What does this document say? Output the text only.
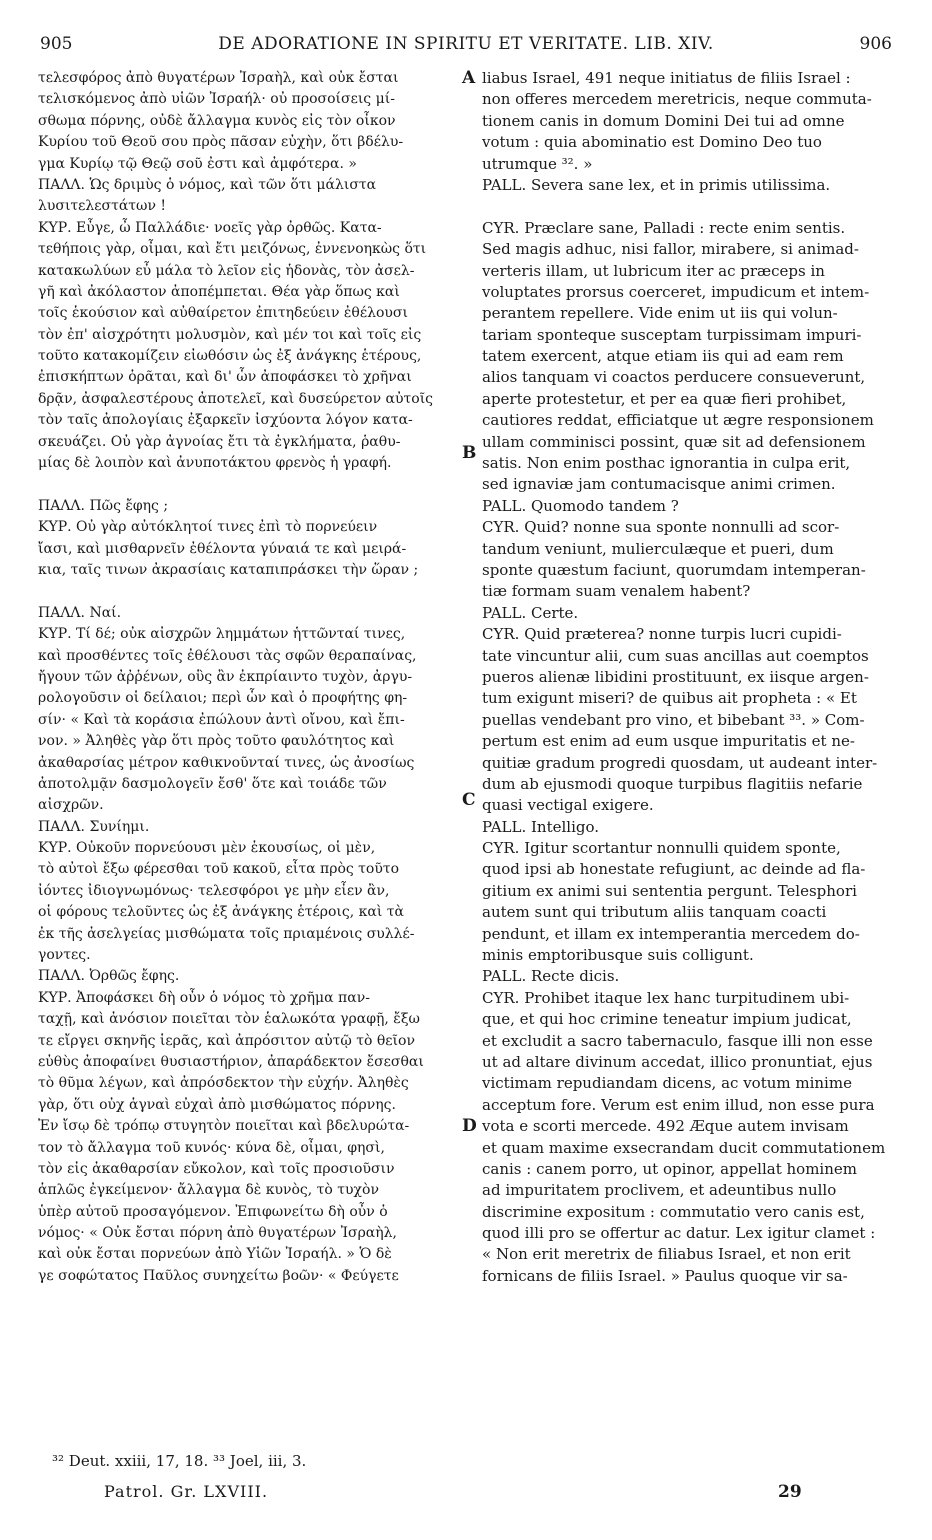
905	DE ADORATIONE IN SPIRITU ET VERITATE. LIB. XIV.	906
τελεσφόρος ἀπὸ θυγατέρων Ἰσραὴλ, καὶ οὐκ ἔσται
τελισκόμενος ἀπὸ υἱῶν Ἰσραήλ· οὐ προσοίσεις μί-
σθωμα πόρνης, οὐδὲ ἄλλαγμα κυνὸς εἰς τὸν οἶκον
Κυρίου τοῦ Θεοῦ σου πρὸς πᾶσαν εὐχὴν, ὅτι βδέλυ-
γμα Κυρίῳ τῷ Θεῷ σοῦ ἐστι καὶ ἀμφότερα. »
ΠΑΛΛ. Ὡς δριμὺς ὁ νόμος, καὶ τῶν ὅτι μάλιστα
λυσιτελεστάτων !
ΚΥΡ. Εὖγε, ὦ Παλλάδιε· νοεῖς γὰρ ὀρθῶς. Κατα-
τεθήποις γὰρ, οἶμαι, καὶ ἔτι μειζόνως, ἐννενοηκὼς ὅτι
κατακωλύων εὖ μάλα τὸ λεῖον εἰς ἡδονὰς, τὸν ἀσελ-
γῆ καὶ ἀκόλαστον ἀποπέμπεται. Θέα γὰρ ὅπως καὶ
τοῖς ἑκούσιον καὶ αὐθαίρετον ἐπιτηδεύειν ἐθέλουσι
τὸν ἐπ' αἰσχρότητι μολυσμὸν, καὶ μέν τοι καὶ τοῖς εἰς
τοῦτο κατακομίζειν εἰωθόσιν ὡς ἐξ ἀνάγκης ἑτέρους,
ἐπισκήπτων ὁρᾶται, καὶ δι' ὧν ἀποφάσκει τὸ χρῆναι
δρᾷν, ἀσφαλεστέρους ἀποτελεῖ, καὶ δυσεύρετον αὐτοῖς
τὸν ταῖς ἀπολογίαις ἐξαρκεῖν ἰσχύοντα λόγον κατα-
σκευάζει. Οὐ γὰρ ἀγνοίας ἔτι τὰ ἐγκλήματα, ῥαθυ-
μίας δὲ λοιπὸν καὶ ἀνυποτάκτου φρενὸς ἡ γραφή.
ΠΑΛΛ. Πῶς ἔφης ;
ΚΥΡ. Οὐ γὰρ αὐτόκλητοί τινες ἐπὶ τὸ πορνεύειν
ἴασι, καὶ μισθαρνεῖν ἐθέλοντα γύναιά τε καὶ μειρά-
κια, ταῖς τινων ἀκρασίαις καταπιπράσκει τὴν ὥραν ;
ΠΑΛΛ. Ναί.
ΚΥΡ. Τί δέ; οὐκ αἰσχρῶν λημμάτων ἡττῶνταί τινες,
καὶ προσθέντες τοῖς ἐθέλουσι τὰς σφῶν θεραπαίνας,
ἤγουν τῶν ἀῤῥένων, οὓς ἂν ἐκπρίαιντο τυχὸν, ἀργυ-
ρολογοῦσιν οἱ δείλαιοι; περὶ ὧν καὶ ὁ προφήτης φη-
σίν· « Καὶ τὰ κοράσια ἐπώλουν ἀντὶ οἴνου, καὶ ἔπι-
νον. » Ἀληθὲς γὰρ ὅτι πρὸς τοῦτο φαυλότητος καὶ
ἀκαθαρσίας μέτρον καθικνοῦνταί τινες, ὡς ἀνοσίως
ἀποτολμᾷν δασμολογεῖν ἔσθ' ὅτε καὶ τοιάδε τῶν
αἰσχρῶν.
ΠΑΛΛ. Συνίημι.
ΚΥΡ. Οὐκοῦν πορνεύουσι μὲν ἑκουσίως, οἱ μὲν,
τὸ αὐτοὶ ἔξω φέρεσθαι τοῦ κακοῦ, εἶτα πρὸς τοῦτο
ἰόντες ἰδιογνωμόνως· τελεσφόροι γε μὴν εἶεν ἂν,
οἱ φόρους τελοῦντες ὡς ἐξ ἀνάγκης ἑτέροις, καὶ τὰ
ἐκ τῆς ἀσελγείας μισθώματα τοῖς πριαμένοις συλλέ-
γοντες.
ΠΑΛΛ. Ὀρθῶς ἔφης.
ΚΥΡ. Ἀποφάσκει δὴ οὖν ὁ νόμος τὸ χρῆμα παν-
ταχῇ, καὶ ἀνόσιον ποιεῖται τὸν ἑαλωκότα γραφῇ, ἔξω
τε εἴργει σκηνῆς ἱερᾶς, καὶ ἀπρόσιτον αὐτῷ τὸ θεῖον
εὐθὺς ἀποφαίνει θυσιαστήριον, ἀπαράδεκτον ἔσεσθαι
τὸ θῦμα λέγων, καὶ ἀπρόσδεκτον τὴν εὐχήν. Ἀληθὲς
γὰρ, ὅτι οὐχ ἁγναὶ εὐχαὶ ἀπὸ μισθώματος πόρνης.
Ἐν ἴσῳ δὲ τρόπῳ στυγητὸν ποιεῖται καὶ βδελυρώτα-
τον τὸ ἄλλαγμα τοῦ κυνός· κύνα δὲ, οἶμαι, φησὶ,
τὸν εἰς ἀκαθαρσίαν εὔκολον, καὶ τοῖς προσιοῦσιν
ἁπλῶς ἐγκείμενον· ἄλλαγμα δὲ κυνὸς, τὸ τυχὸν
ὑπὲρ αὐτοῦ προσαγόμενον. Ἐπιφωνείτω δὴ οὖν ὁ
νόμος· « Οὐκ ἔσται πόρνη ἀπὸ θυγατέρων Ἰσραὴλ,
καὶ οὐκ ἔσται πορνεύων ἀπὸ Υἱῶν Ἰσραήλ. » Ὁ δὲ
γε σοφώτατος Παῦλος συνηχείτω βοῶν· « Φεύγετε
liabus Israel, 491 neque initiatus de filiis Israel :
non offeres mercedem meretricis, neque commuta-
tionem canis in domum Domini Dei tui ad omne
votum : quia abominatio est Domino Deo tuo
utrumque ³². »
PALL. Severa sane lex, et in primis utilissima.
CYR. Præclare sane, Palladi : recte enim sentis.
Sed magis adhuc, nisi fallor, mirabere, si animad-
verteris illam, ut lubricum iter ac præceps in
voluptates prorsus coerceret, impudicum et intem-
perantem repellere. Vide enim ut iis qui volun-
tariam sponteque susceptam turpissimam impuri-
tatem exercent, atque etiam iis qui ad eam rem
alios tanquam vi coactos perducere consueverunt,
aperte protestetur, et per ea quæ fieri prohibet,
cautiores reddat, efficiatque ut ægre responsionem
ullam comminisci possint, quæ sit ad defensionem
satis. Non enim posthac ignorantia in culpa erit,
sed ignaviæ jam contumacisque animi crimen.
PALL. Quomodo tandem ?
CYR. Quid? nonne sua sponte nonnulli ad scor-
tandum veniunt, mulierculæque et pueri, dum
sponte quæstum faciunt, quorumdam intemperan-
tiæ formam suam venalem habent?
PALL. Certe.
CYR. Quid præterea? nonne turpis lucri cupidi-
tate vincuntur alii, cum suas ancillas aut coemptos
pueros alienæ libidini prostituunt, ex iisque argen-
tum exigunt miseri? de quibus ait propheta : « Et
puellas vendebant pro vino, et bibebant ³³. » Com-
pertum est enim ad eum usque impuritatis et ne-
quitiæ gradum progredi quosdam, ut audeant inter-
dum ab ejusmodi quoque turpibus flagitiis nefarie
quasi vectigal exigere.
PALL. Intelligo.
CYR. Igitur scortantur nonnulli quidem sponte,
quod ipsi ab honestate refugiunt, ac deinde ad fla-
gitium ex animi sui sententia pergunt. Telesphori
autem sunt qui tributum aliis tanquam coacti
pendunt, et illam ex intemperantia mercedem do-
minis emptoribusque suis colligunt.
PALL. Recte dicis.
CYR. Prohibet itaque lex hanc turpitudinem ubi-
que, et qui hoc crimine teneatur impium judicat,
et excludit a sacro tabernaculo, fasque illi non esse
ut ad altare divinum accedat, illico pronuntiat, ejus
victimam repudiandam dicens, ac votum minime
acceptum fore. Verum est enim illud, non esse pura
vota e scorti mercede. 492 Æque autem invisam
et quam maxime exsecrandam ducit commutationem
canis : canem porro, ut opinor, appellat hominem
ad impuritatem proclivem, et adeuntibus nullo
discrimine expositum : commutatio vero canis est,
quod illi pro se offertur ac datur. Lex igitur clamet :
« Non erit meretrix de filiabus Israel, et non erit
fornicans de filiis Israel. » Paulus quoque vir sa-
A
B
C
D
³² Deut. xxiii, 17, 18. ³³ Joel, iii, 3.
Patrol. Gr. LXVIII.	29
